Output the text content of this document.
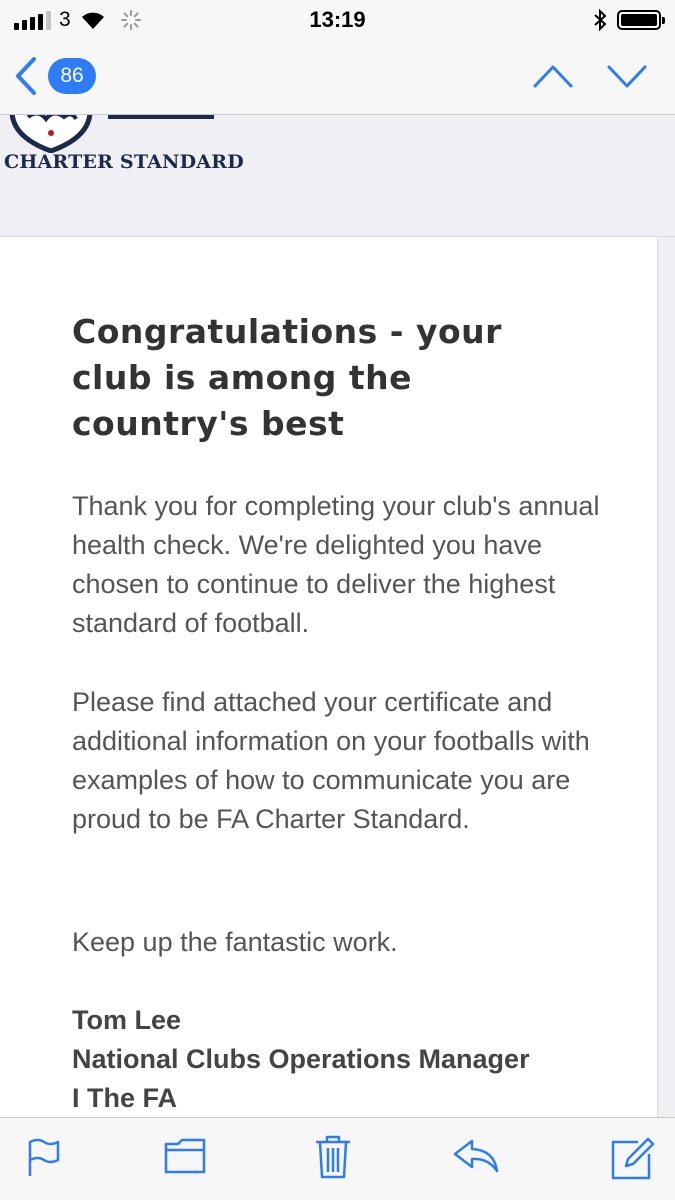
3	13:19
86
CHARTER STANDARD
Congratulations - your club is among the country's best

Thank you for completing your club's annual health check. We're delighted you have chosen to continue to deliver the highest standard of football.

Please find attached your certificate and additional information on your footballs with examples of how to communicate you are proud to be FA Charter Standard.

Keep up the fantastic work.

Tom Lee
National Clubs Operations Manager
I The FA
